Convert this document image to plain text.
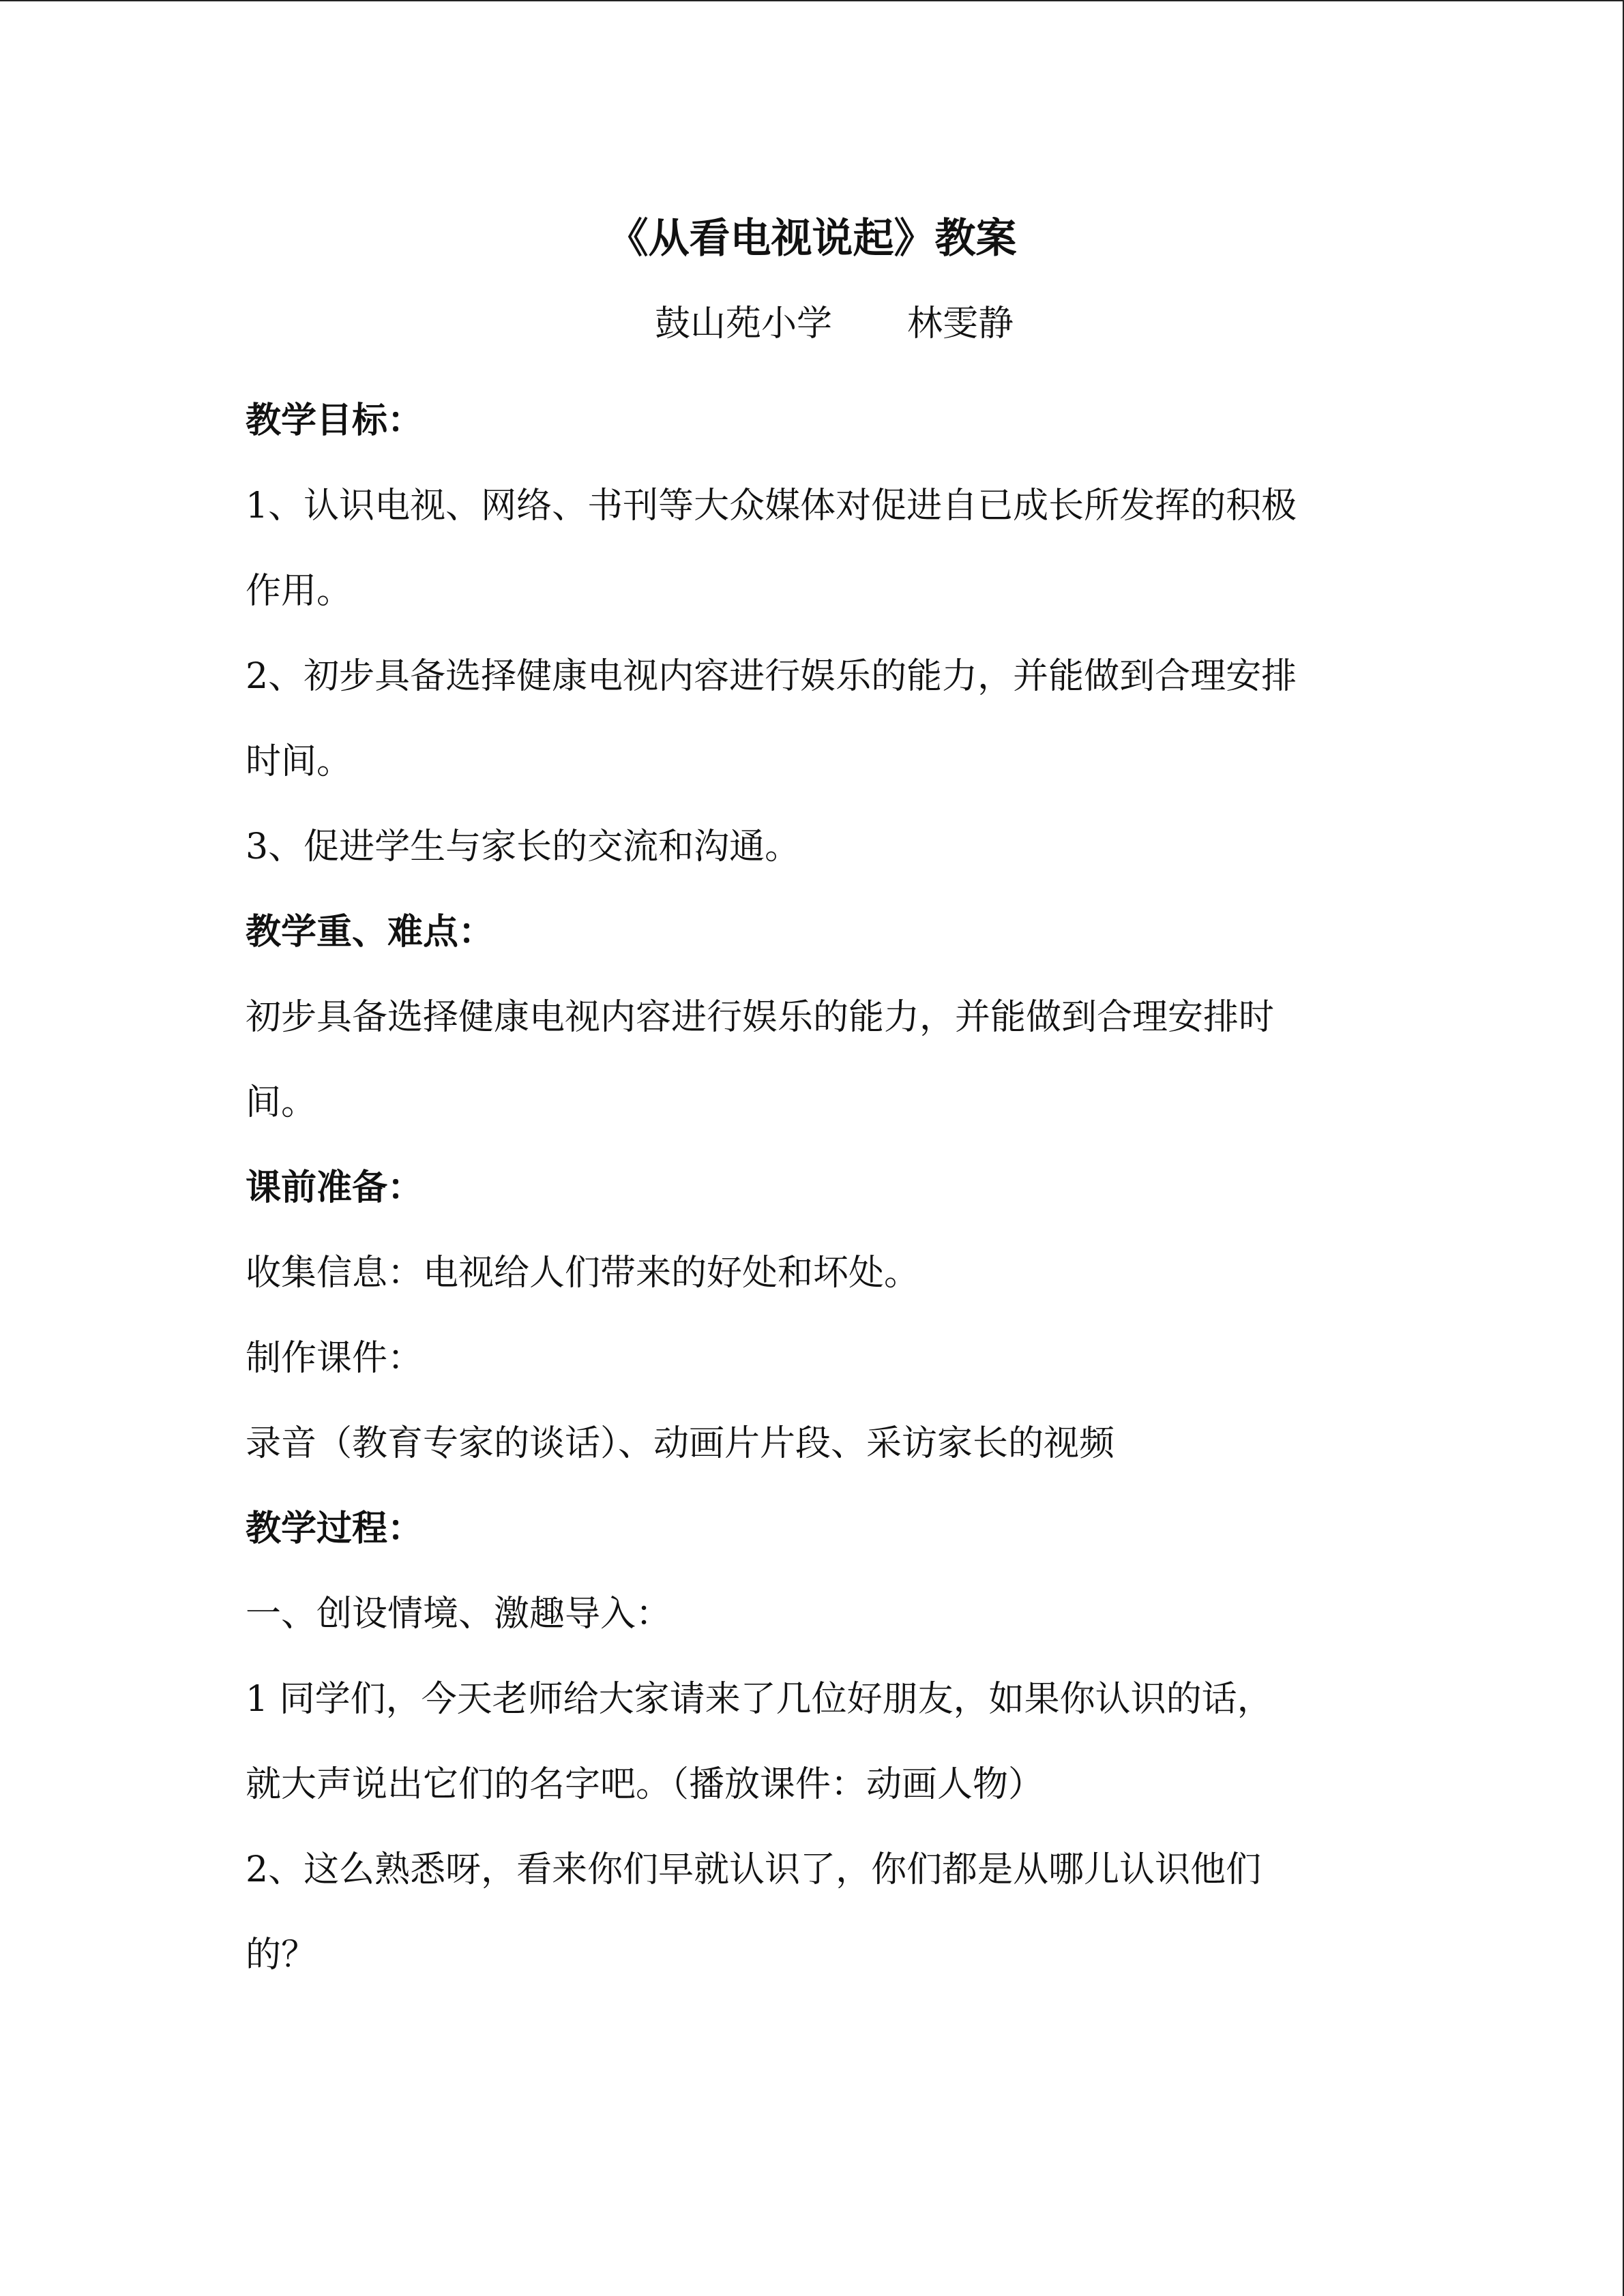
《从看电视说起》教案
鼓山苑小学 林雯静
教学目标：
1、认识电视、网络、书刊等大众媒体对促进自已成长所发挥的积极
作用。
2、初步具备选择健康电视内容进行娱乐的能力，并能做到合理安排
时间。
3、促进学生与家长的交流和沟通。
教学重、难点：
初步具备选择健康电视内容进行娱乐的能力，并能做到合理安排时
间。
课前准备：
收集信息：电视给人们带来的好处和坏处。
制作课件：
录音（教育专家的谈话）、动画片片段、采访家长的视频
教学过程：
一、创设情境、激趣导入：
1 同学们，今天老师给大家请来了几位好朋友，如果你认识的话，
就大声说出它们的名字吧。（播放课件：动画人物）
2、这么熟悉呀，看来你们早就认识了，你们都是从哪儿认识他们
的？
